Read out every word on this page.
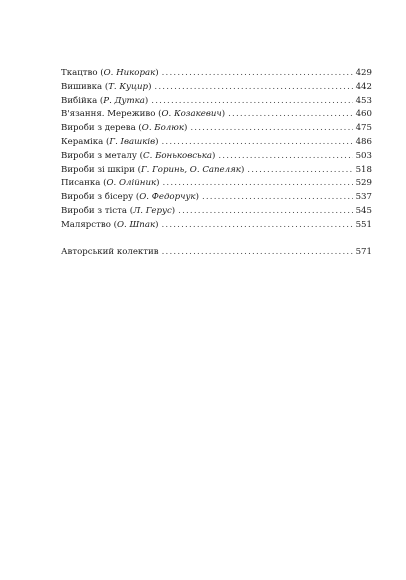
Ткацтво (О. Никорак) .....	429
Вишивка (Т. Куцир) .....	442
Вибійка (Р. Дутка) .....	453
В'язання. Мереживо (О. Козакевич) .....	460
Вироби з дерева (О. Болюк) .....	475
Кераміка (Г. Івашків) .....	486
Вироби з металу (С. Боньковська) .....	503
Вироби зі шкіри (Г. Горинь, О. Сапеляк) .....	518
Писанка (О. Олійник) .....	529
Вироби з бісеру (О. Федорчук) .....	537
Вироби з тіста (Л. Герус) .....	545
Малярство (О. Шпак) .....	551
Авторський колектив .....	571
